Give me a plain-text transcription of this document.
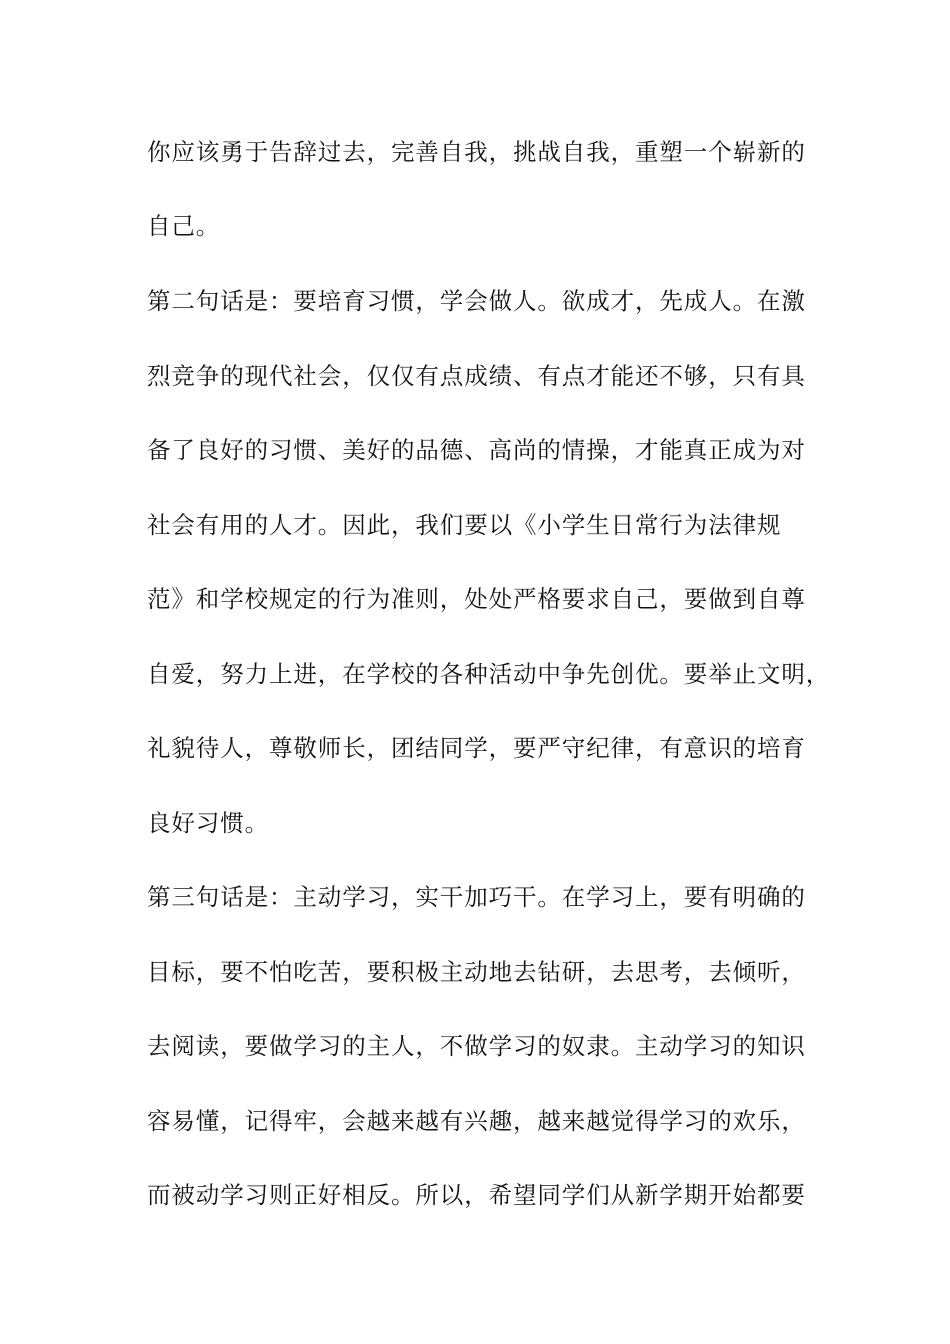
你应该勇于告辞过去，完善自我，挑战自我，重塑一个崭新的
自己。
第二句话是：要培育习惯，学会做人。欲成才，先成人。在激
烈竞争的现代社会，仅仅有点成绩、有点才能还不够，只有具
备了良好的习惯、美好的品德、高尚的情操，才能真正成为对
社会有用的人才。因此，我们要以《小学生日常行为法律规
范》和学校规定的行为准则，处处严格要求自己，要做到自尊
自爱，努力上进，在学校的各种活动中争先创优。要举止文明，
礼貌待人，尊敬师长，团结同学，要严守纪律，有意识的培育
良好习惯。
第三句话是：主动学习，实干加巧干。在学习上，要有明确的
目标，要不怕吃苦，要积极主动地去钻研，去思考，去倾听，
去阅读，要做学习的主人，不做学习的奴隶。主动学习的知识
容易懂，记得牢，会越来越有兴趣，越来越觉得学习的欢乐，
而被动学习则正好相反。所以，希望同学们从新学期开始都要
